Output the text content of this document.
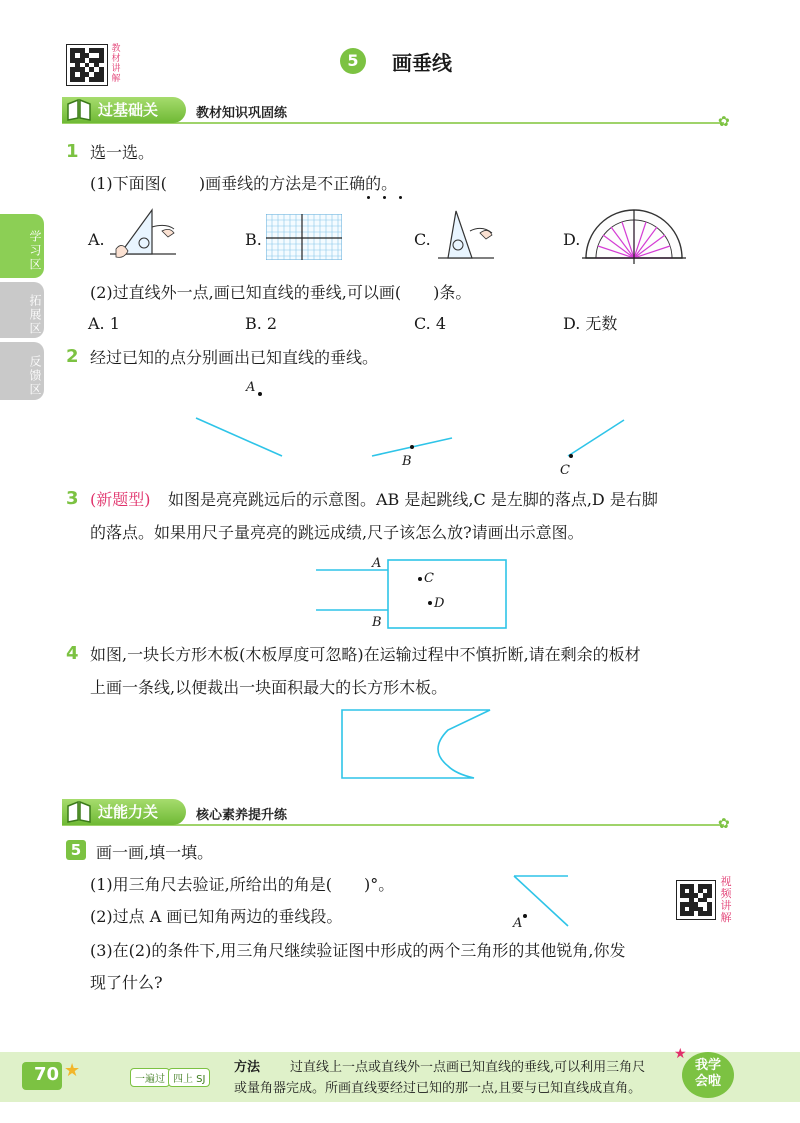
教材讲解
5	画垂线
过基础关	教材知识巩固练
✿
学习区
拓展区
反馈区
1 选一选。
(1)下面图(　　)画垂线的方法是不正确的。
A.	B.	C.	D.
(2)过直线外一点,画已知直线的垂线,可以画(　　)条。
A. 1	B. 2	C. 4	D. 无数
2 经过已知的点分别画出已知直线的垂线。
A
B
C
3 (新题型) 如图是亮亮跳远后的示意图。AB 是起跳线,C 是左脚的落点,D 是右脚
的落点。如果用尺子量亮亮的跳远成绩,尺子该怎么放?请画出示意图。
A
B
C
D
4 如图,一块长方形木板(木板厚度可忽略)在运输过程中不慎折断,请在剩余的板材
上画一条线,以便裁出一块面积最大的长方形木板。
过能力关	核心素养提升练
✿
5 画一画,填一填。
(1)用三角尺去验证,所给出的角是(　　)°。
(2)过点 A 画已知角两边的垂线段。
(3)在(2)的条件下,用三角尺继续验证图中形成的两个三角形的其他锐角,你发
现了什么?
A
视频讲解
70 ★	一遍过 四上 SJ
方法 过直线上一点或直线外一点画已知直线的垂线,可以利用三角尺
或量角器完成。所画直线要经过已知的那一点,且要与已知直线成直角。
★
我学会啦
